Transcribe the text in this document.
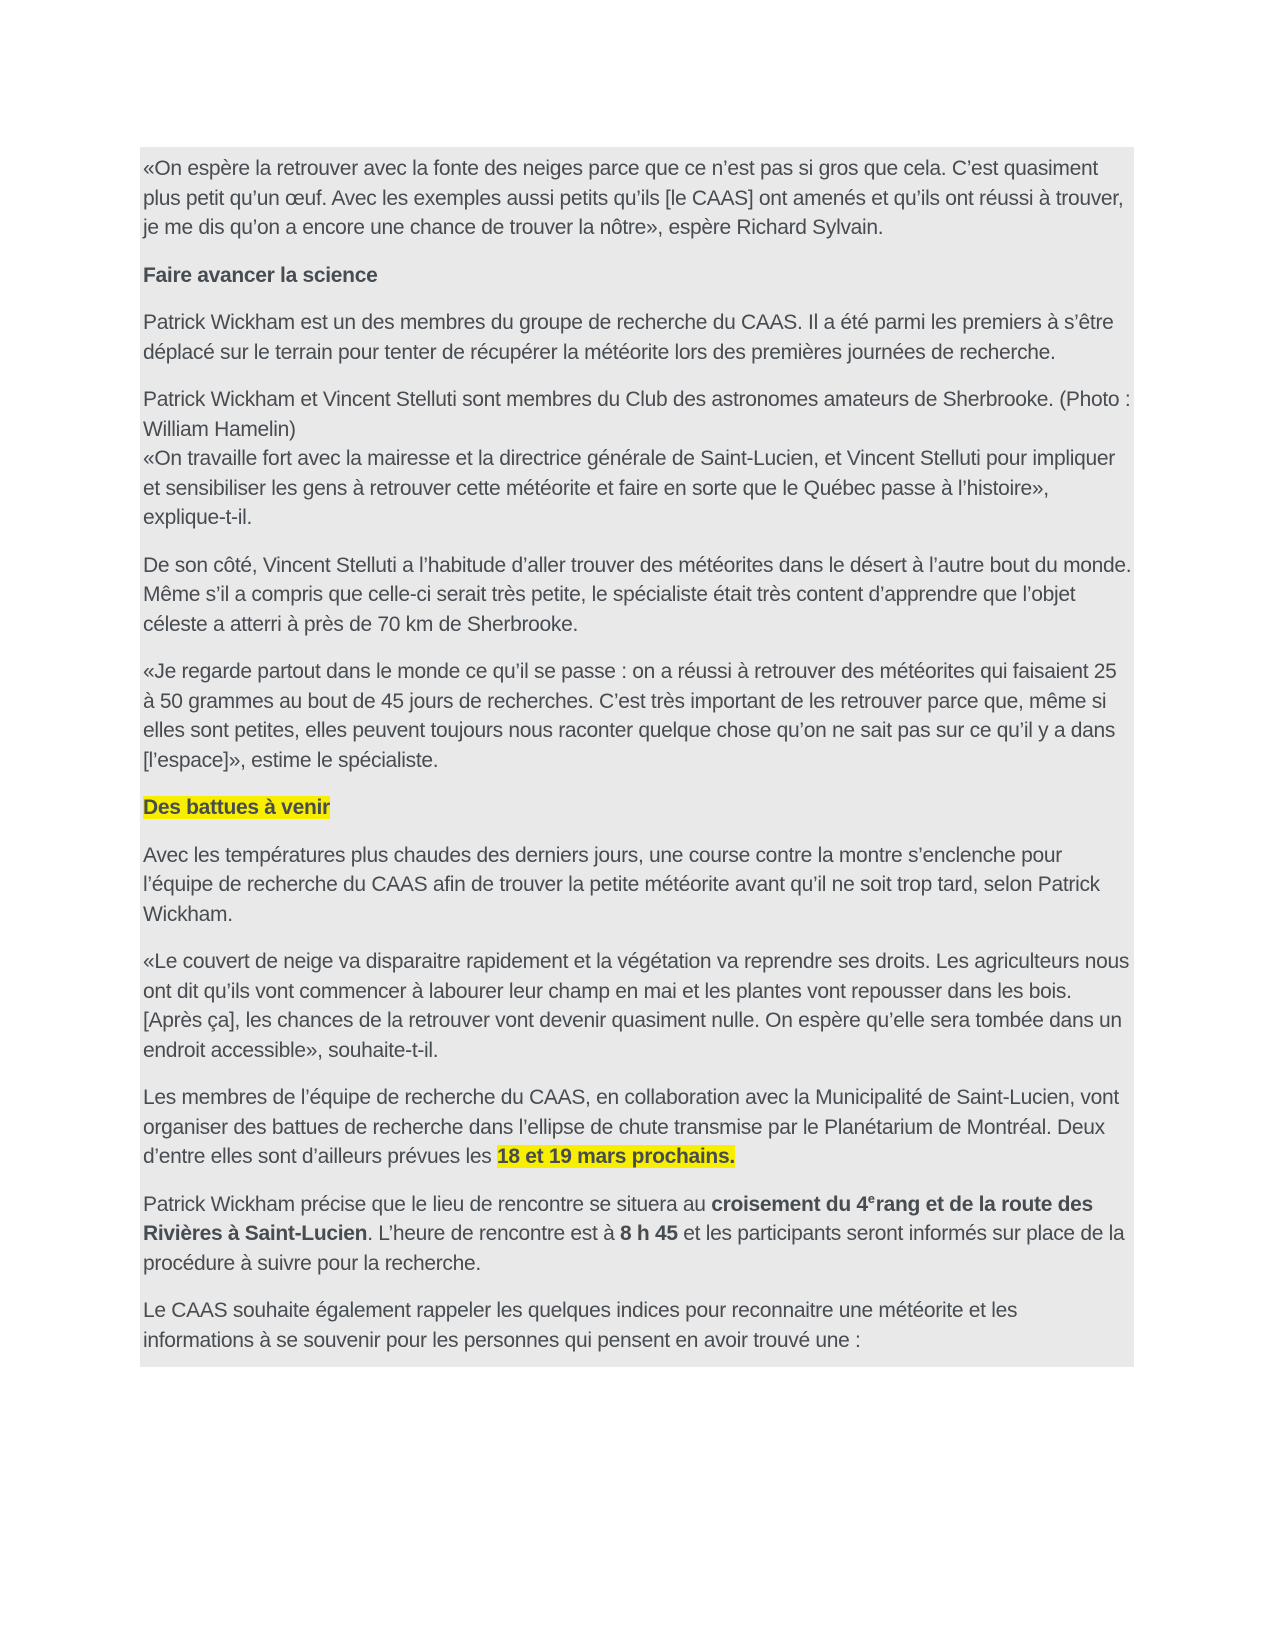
«On espère la retrouver avec la fonte des neiges parce que ce n’est pas si gros que cela. C’est quasiment plus petit qu’un œuf. Avec les exemples aussi petits qu’ils [le CAAS] ont amenés et qu’ils ont réussi à trouver, je me dis qu’on a encore une chance de trouver la nôtre», espère Richard Sylvain.

Faire avancer la science

Patrick Wickham est un des membres du groupe de recherche du CAAS. Il a été parmi les premiers à s’être déplacé sur le terrain pour tenter de récupérer la météorite lors des premières journées de recherche.

Patrick Wickham et Vincent Stelluti sont membres du Club des astronomes amateurs de Sherbrooke. (Photo : William Hamelin)

«On travaille fort avec la mairesse et la directrice générale de Saint-Lucien, et Vincent Stelluti pour impliquer et sensibiliser les gens à retrouver cette météorite et faire en sorte que le Québec passe à l’histoire», explique-t-il.

De son côté, Vincent Stelluti a l’habitude d’aller trouver des météorites dans le désert à l’autre bout du monde. Même s’il a compris que celle-ci serait très petite, le spécialiste était très content d’apprendre que l’objet céleste a atterri à près de 70 km de Sherbrooke.

«Je regarde partout dans le monde ce qu’il se passe : on a réussi à retrouver des météorites qui faisaient 25 à 50 grammes au bout de 45 jours de recherches. C’est très important de les retrouver parce que, même si elles sont petites, elles peuvent toujours nous raconter quelque chose qu’on ne sait pas sur ce qu’il y a dans [l’espace]», estime le spécialiste.

Des battues à venir

Avec les températures plus chaudes des derniers jours, une course contre la montre s’enclenche pour l’équipe de recherche du CAAS afin de trouver la petite météorite avant qu’il ne soit trop tard, selon Patrick Wickham.

«Le couvert de neige va disparaitre rapidement et la végétation va reprendre ses droits. Les agriculteurs nous ont dit qu’ils vont commencer à labourer leur champ en mai et les plantes vont repousser dans les bois. [Après ça], les chances de la retrouver vont devenir quasiment nulle. On espère qu’elle sera tombée dans un endroit accessible», souhaite-t-il.

Les membres de l’équipe de recherche du CAAS, en collaboration avec la Municipalité de Saint-Lucien, vont organiser des battues de recherche dans l’ellipse de chute transmise par le Planétarium de Montréal. Deux d’entre elles sont d’ailleurs prévues les 18 et 19 mars prochains.

Patrick Wickham précise que le lieu de rencontre se situera au croisement du 4erang et de la route des Rivières à Saint-Lucien. L’heure de rencontre est à 8 h 45 et les participants seront informés sur place de la procédure à suivre pour la recherche.

Le CAAS souhaite également rappeler les quelques indices pour reconnaitre une météorite et les informations à se souvenir pour les personnes qui pensent en avoir trouvé une :
